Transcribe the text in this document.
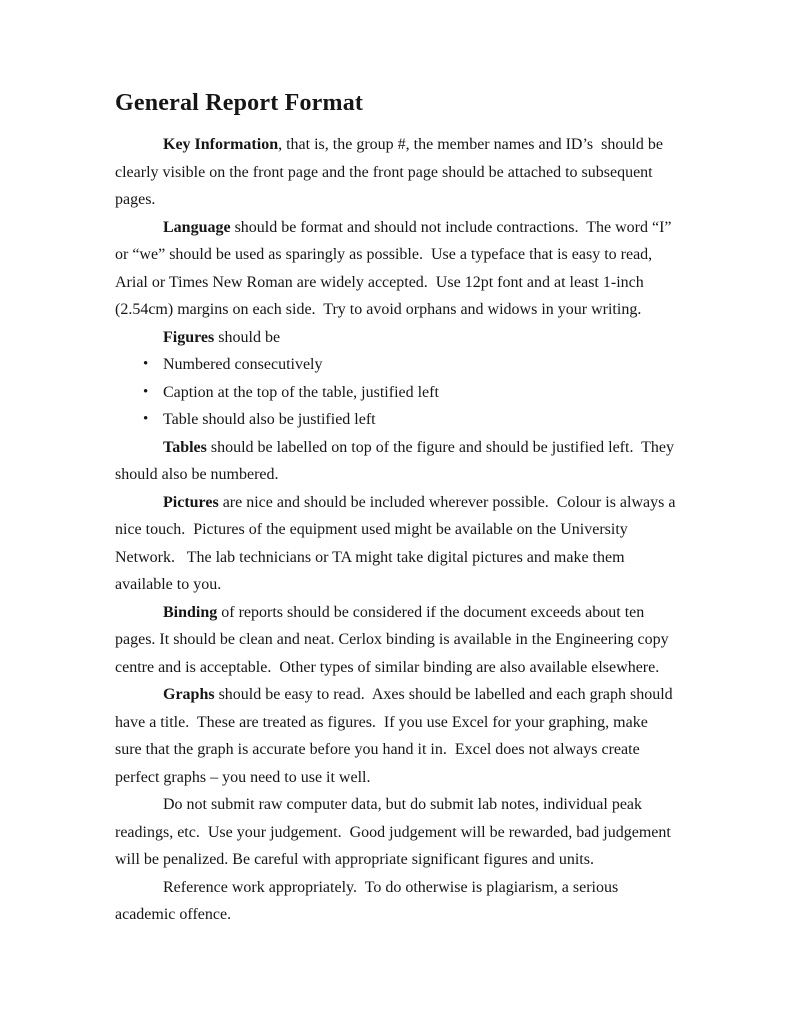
General Report Format

Key Information, that is, the group #, the member names and ID’s  should be clearly visible on the front page and the front page should be attached to subsequent pages.

Language should be format and should not include contractions.  The word “I” or “we” should be used as sparingly as possible.  Use a typeface that is easy to read, Arial or Times New Roman are widely accepted.  Use 12pt font and at least 1-inch (2.54cm) margins on each side.  Try to avoid orphans and widows in your writing.

Figures should be

• Numbered consecutively
• Caption at the top of the table, justified left
• Table should also be justified left

Tables should be labelled on top of the figure and should be justified left.  They should also be numbered.

Pictures are nice and should be included wherever possible.  Colour is always a nice touch.  Pictures of the equipment used might be available on the University Network.   The lab technicians or TA might take digital pictures and make them available to you.

Binding of reports should be considered if the document exceeds about ten pages. It should be clean and neat. Cerlox binding is available in the Engineering copy centre and is acceptable.  Other types of similar binding are also available elsewhere.

Graphs should be easy to read.  Axes should be labelled and each graph should have a title.  These are treated as figures.  If you use Excel for your graphing, make sure that the graph is accurate before you hand it in.  Excel does not always create perfect graphs – you need to use it well.

Do not submit raw computer data, but do submit lab notes, individual peak readings, etc.  Use your judgement.  Good judgement will be rewarded, bad judgement will be penalized. Be careful with appropriate significant figures and units.

Reference work appropriately.  To do otherwise is plagiarism, a serious academic offence.
